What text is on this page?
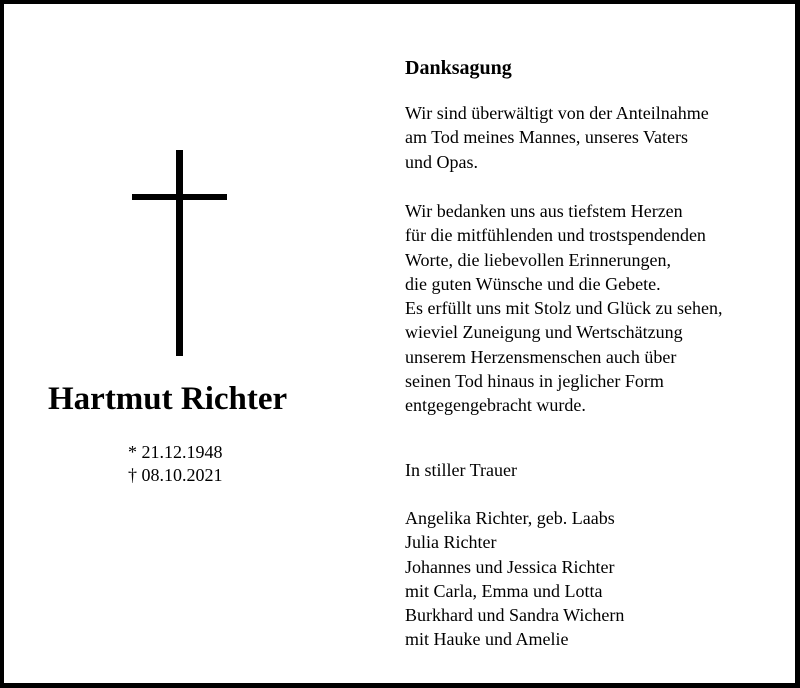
Hartmut Richter
* 21.12.1948
† 08.10.2021
Danksagung
Wir sind überwältigt von der Anteilnahme
am Tod meines Mannes, unseres Vaters
und Opas.
Wir bedanken uns aus tiefstem Herzen
für die mitfühlenden und trostspendenden
Worte, die liebevollen Erinnerungen,
die guten Wünsche und die Gebete.
Es erfüllt uns mit Stolz und Glück zu sehen,
wieviel Zuneigung und Wertschätzung
unserem Herzensmenschen auch über
seinen Tod hinaus in jeglicher Form
entgegengebracht wurde.
In stiller Trauer
Angelika Richter, geb. Laabs
Julia Richter
Johannes und Jessica Richter
mit Carla, Emma und Lotta
Burkhard und Sandra Wichern
mit Hauke und Amelie
